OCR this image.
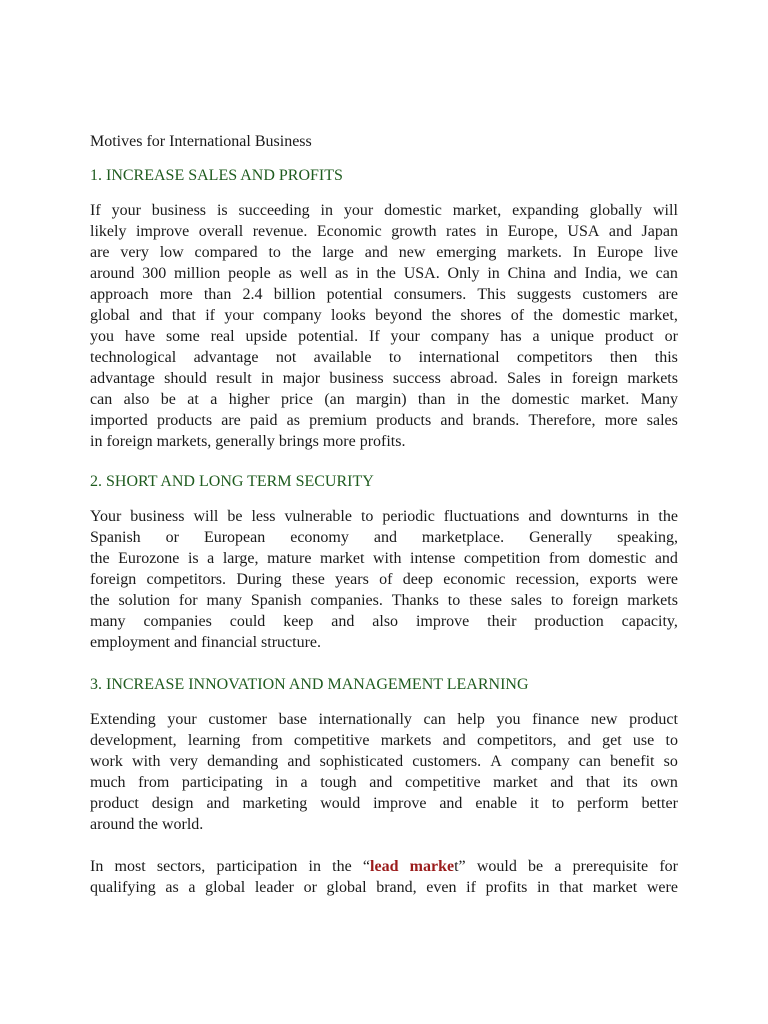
Motives for International Business
1. INCREASE SALES AND PROFITS
If your business is succeeding in your domestic market, expanding globally will
likely improve overall revenue. Economic growth rates in Europe, USA and Japan
are very low compared to the large and new emerging markets. In Europe live
around 300 million people as well as in the USA. Only in China and India, we can
approach more than 2.4 billion potential consumers. This suggests customers are
global and that if your company looks beyond the shores of the domestic market,
you have some real upside potential. If your company has a unique product or
technological advantage not available to international competitors then this
advantage should result in major business success abroad. Sales in foreign markets
can also be at a higher price (an margin) than in the domestic market. Many
imported products are paid as premium products and brands. Therefore, more sales
in foreign markets, generally brings more profits.
2. SHORT AND LONG TERM SECURITY
Your business will be less vulnerable to periodic fluctuations and downturns in the
Spanish or European economy and marketplace. Generally speaking,
the Eurozone is a large, mature market with intense competition from domestic and
foreign competitors. During these years of deep economic recession, exports were
the solution for many Spanish companies. Thanks to these sales to foreign markets
many companies could keep and also improve their production capacity,
employment and financial structure.
3. INCREASE INNOVATION AND MANAGEMENT LEARNING
Extending your customer base internationally can help you finance new product
development, learning from competitive markets and competitors, and get use to
work with very demanding and sophisticated customers. A company can benefit so
much from participating in a tough and competitive market and that its own
product design and marketing would improve and enable it to perform better
around the world.
In most sectors, participation in the “lead market” would be a prerequisite for
qualifying as a global leader or global brand, even if profits in that market were
